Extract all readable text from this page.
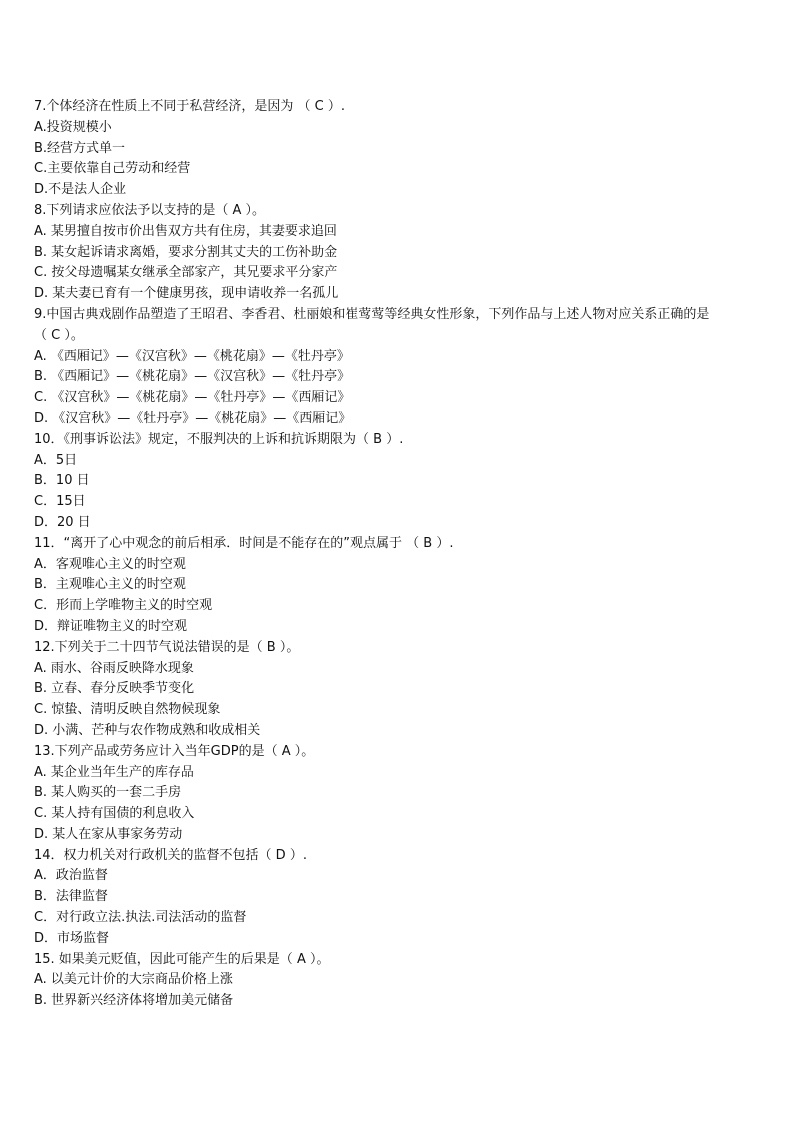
7.个体经济在性质上不同于私营经济，是因为 （ C ）.
A.投资规模小
B.经营方式单一
C.主要依靠自己劳动和经营
D.不是法人企业
8.下列请求应依法予以支持的是（ A ）。
A. 某男擅自按市价出售双方共有住房，其妻要求追回
B. 某女起诉请求离婚，要求分割其丈夫的工伤补助金
C. 按父母遗嘱某女继承全部家产，其兄要求平分家产
D. 某夫妻已育有一个健康男孩，现申请收养一名孤儿
9.中国古典戏剧作品塑造了王昭君、李香君、杜丽娘和崔莺莺等经典女性形象，下列作品与上述人物对应关系正确的是
（ C ）。
A. 《西厢记》—《汉宫秋》—《桃花扇》—《牡丹亭》
B. 《西厢记》—《桃花扇》—《汉宫秋》—《牡丹亭》
C. 《汉宫秋》—《桃花扇》—《牡丹亭》—《西厢记》
D. 《汉宫秋》—《牡丹亭》—《桃花扇》—《西厢记》
10．《刑事诉讼法》规定，不服判决的上诉和抗诉期限为（ B ）.
A．5日
B．10 日
C．15日
D．20 日
11．“离开了心中观念的前后相承．时间是不能存在的”观点属于 （ B ）.
A．客观唯心主义的时空观
B．主观唯心主义的时空观
C．形而上学唯物主义的时空观
D．辩证唯物主义的时空观
12.下列关于二十四节气说法错误的是（ B ）。
A. 雨水、谷雨反映降水现象
B. 立春、春分反映季节变化
C. 惊蛰、清明反映自然物候现象
D. 小满、芒种与农作物成熟和收成相关
13.下列产品或劳务应计入当年GDP的是（ A ）。
A. 某企业当年生产的库存品
B. 某人购买的一套二手房
C. 某人持有国债的利息收入
D. 某人在家从事家务劳动
14．权力机关对行政机关的监督不包括（ D ）.
A．政治监督
B．法律监督
C．对行政立法.执法.司法活动的监督
D．市场监督
15. 如果美元贬值，因此可能产生的后果是（ A ）。
A. 以美元计价的大宗商品价格上涨
B. 世界新兴经济体将增加美元储备
